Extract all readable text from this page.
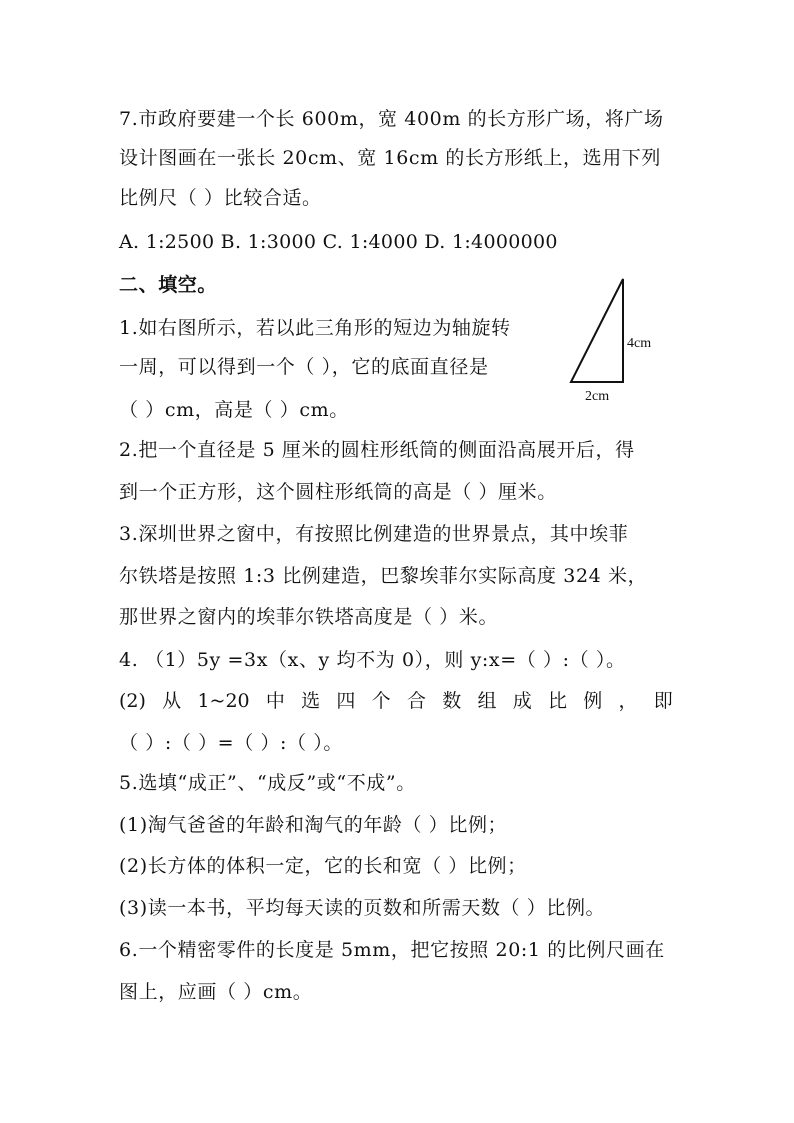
7.市政府要建一个长 600m，宽 400m 的长方形广场，将广场
设计图画在一张长 20cm、宽 16cm 的长方形纸上，选用下列
比例尺（ ）比较合适。
A. 1:2500 B. 1:3000 C. 1:4000 D. 1:4000000
二、填空。
1.如右图所示，若以此三角形的短边为轴旋转
一周，可以得到一个（ ），它的底面直径是
（ ）cm，高是（ ）cm。
4cm
2cm
2.把一个直径是 5 厘米的圆柱形纸筒的侧面沿高展开后，得
到一个正方形，这个圆柱形纸筒的高是（ ）厘米。
3.深圳世界之窗中，有按照比例建造的世界景点，其中埃菲
尔铁塔是按照 1:3 比例建造，巴黎埃菲尔实际高度 324 米，
那世界之窗内的埃菲尔铁塔高度是（ ）米。
4. （1）5y =3x（x、y 均不为 0），则 y:x=（ ）:（ ）。
(2) 从 1~20 中 选 四 个 合 数 组 成 比 例 ， 即
（ ）:（ ）=（ ）:（ ）。
5.选填“成正”、“成反”或“不成”。
(1)淘气爸爸的年龄和淘气的年龄（ ）比例；
(2)长方体的体积一定，它的长和宽（ ）比例；
(3)读一本书，平均每天读的页数和所需天数（ ）比例。
6.一个精密零件的长度是 5mm，把它按照 20:1 的比例尺画在
图上，应画（ ）cm。
